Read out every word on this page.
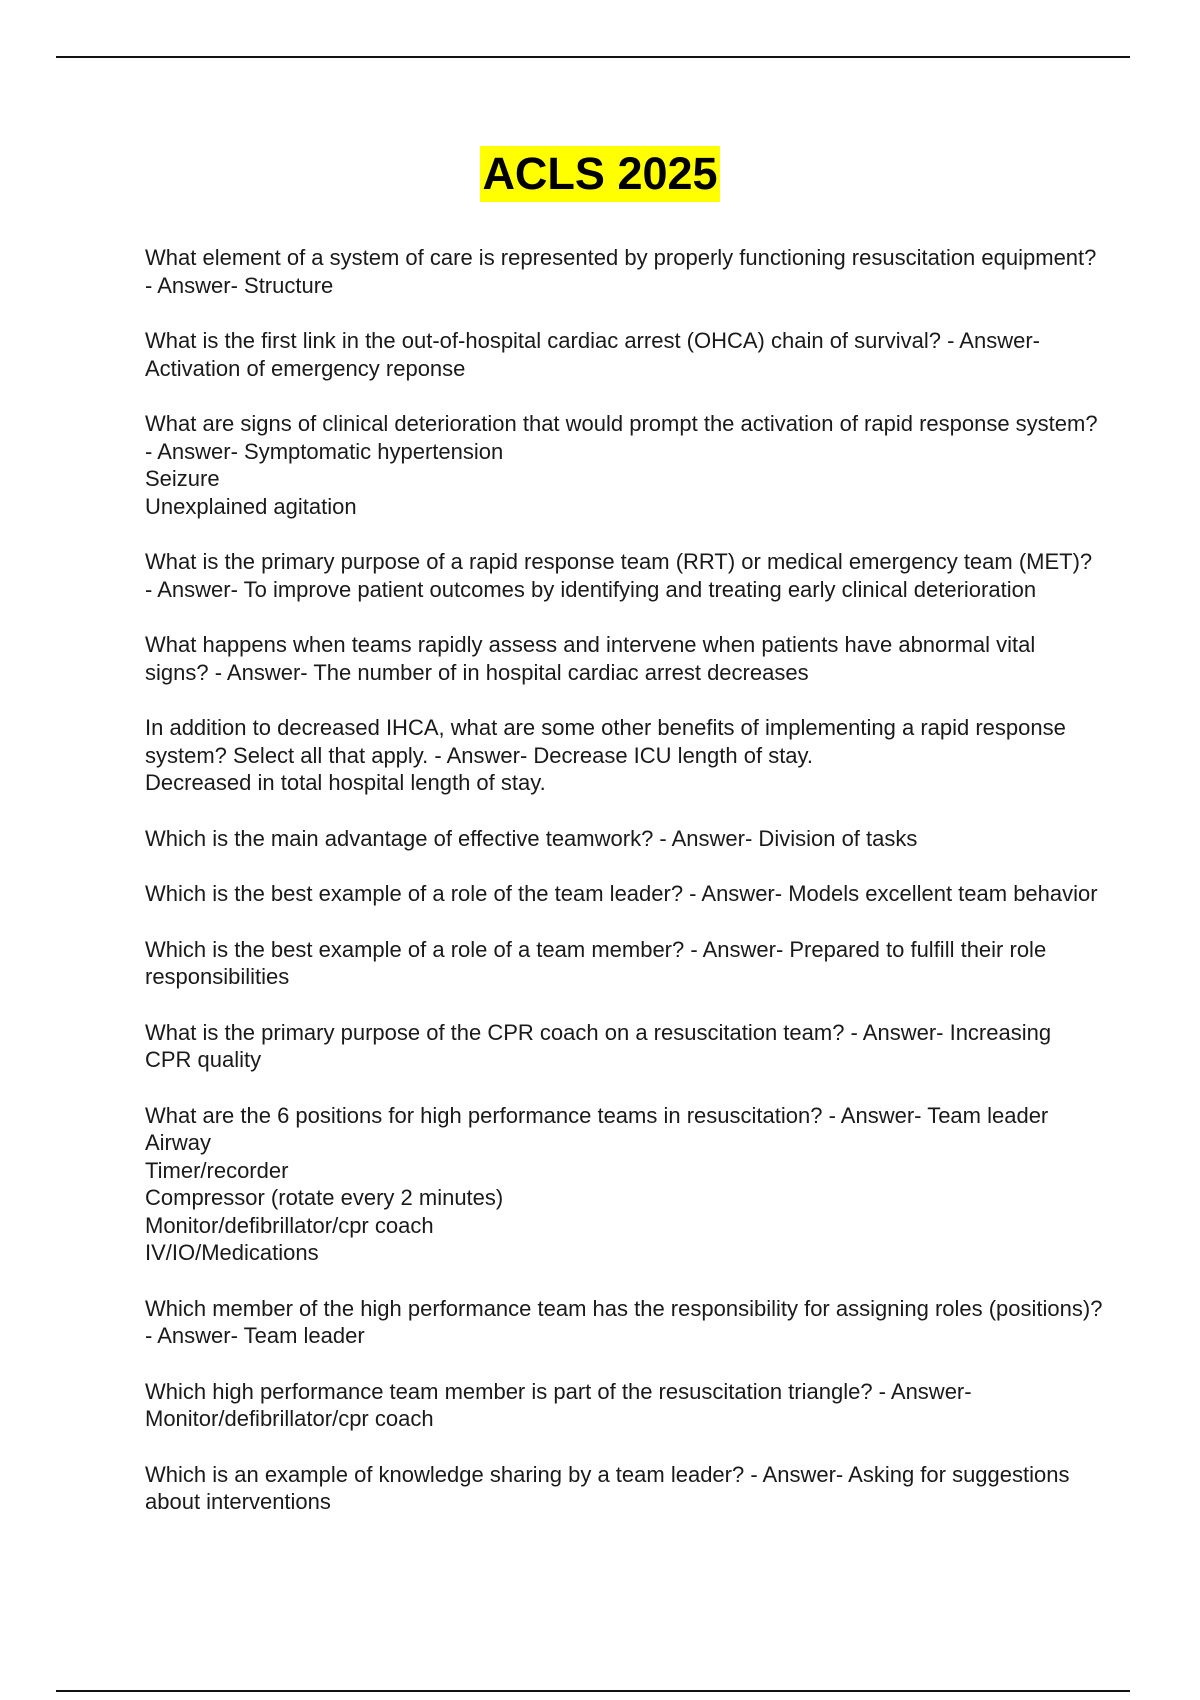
ACLS 2025
What element of a system of care is represented by properly functioning resuscitation equipment?
- Answer- Structure
What is the first link in the out-of-hospital cardiac arrest (OHCA) chain of survival? - Answer-
Activation of emergency reponse
What are signs of clinical deterioration that would prompt the activation of rapid response system?
- Answer- Symptomatic hypertension
Seizure
Unexplained agitation
What is the primary purpose of a rapid response team (RRT) or medical emergency team (MET)?
- Answer- To improve patient outcomes by identifying and treating early clinical deterioration
What happens when teams rapidly assess and intervene when patients have abnormal vital
signs? - Answer- The number of in hospital cardiac arrest decreases
In addition to decreased IHCA, what are some other benefits of implementing a rapid response
system? Select all that apply. - Answer- Decrease ICU length of stay.
Decreased in total hospital length of stay.
Which is the main advantage of effective teamwork? - Answer- Division of tasks
Which is the best example of a role of the team leader? - Answer- Models excellent team behavior
Which is the best example of a role of a team member? - Answer- Prepared to fulfill their role
responsibilities
What is the primary purpose of the CPR coach on a resuscitation team? - Answer- Increasing
CPR quality
What are the 6 positions for high performance teams in resuscitation? - Answer- Team leader
Airway
Timer/recorder
Compressor (rotate every 2 minutes)
Monitor/defibrillator/cpr coach
IV/IO/Medications
Which member of the high performance team has the responsibility for assigning roles (positions)?
- Answer- Team leader
Which high performance team member is part of the resuscitation triangle? - Answer-
Monitor/defibrillator/cpr coach
Which is an example of knowledge sharing by a team leader? - Answer- Asking for suggestions
about interventions
